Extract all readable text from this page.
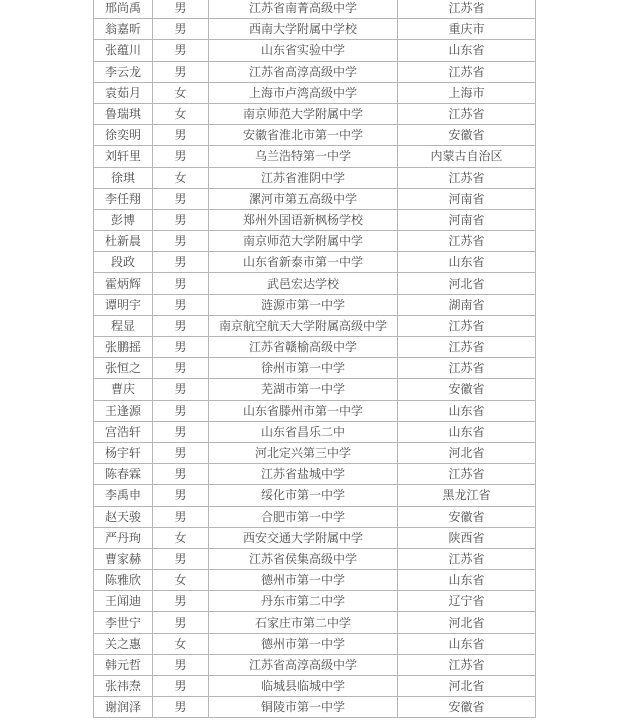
邢尚禹	男	江苏省南菁高级中学	江苏省
翁嘉昕	男	西南大学附属中学校	重庆市
张蕴川	男	山东省实验中学	山东省
李云龙	男	江苏省高淳高级中学	江苏省
袁茹月	女	上海市卢湾高级中学	上海市
鲁瑞琪	女	南京师范大学附属中学	江苏省
徐奕明	男	安徽省淮北市第一中学	安徽省
刘轩里	男	乌兰浩特第一中学	内蒙古自治区
徐琪	女	江苏省淮阴中学	江苏省
李任翔	男	漯河市第五高级中学	河南省
彭博	男	郑州外国语新枫杨学校	河南省
杜新晨	男	南京师范大学附属中学	江苏省
段政	男	山东省新泰市第一中学	山东省
霍炳辉	男	武邑宏达学校	河北省
谭明宇	男	涟源市第一中学	湖南省
程显	男	南京航空航天大学附属高级中学	江苏省
张鹏摇	男	江苏省赣榆高级中学	江苏省
张恒之	男	徐州市第一中学	江苏省
曹庆	男	芜湖市第一中学	安徽省
王逢源	男	山东省滕州市第一中学	山东省
宫浩轩	男	山东省昌乐二中	山东省
杨宇轩	男	河北定兴第三中学	河北省
陈春霖	男	江苏省盐城中学	江苏省
李禹申	男	绥化市第一中学	黑龙江省
赵天骏	男	合肥市第一中学	安徽省
严丹珣	女	西安交通大学附属中学	陕西省
曹家赫	男	江苏省侯集高级中学	江苏省
陈雅欣	女	德州市第一中学	山东省
王闻迪	男	丹东市第二中学	辽宁省
李世宁	男	石家庄市第二中学	河北省
关之惠	女	德州市第一中学	山东省
韩元哲	男	江苏省高淳高级中学	江苏省
张祎焘	男	临城县临城中学	河北省
谢润泽	男	铜陵市第一中学	安徽省
